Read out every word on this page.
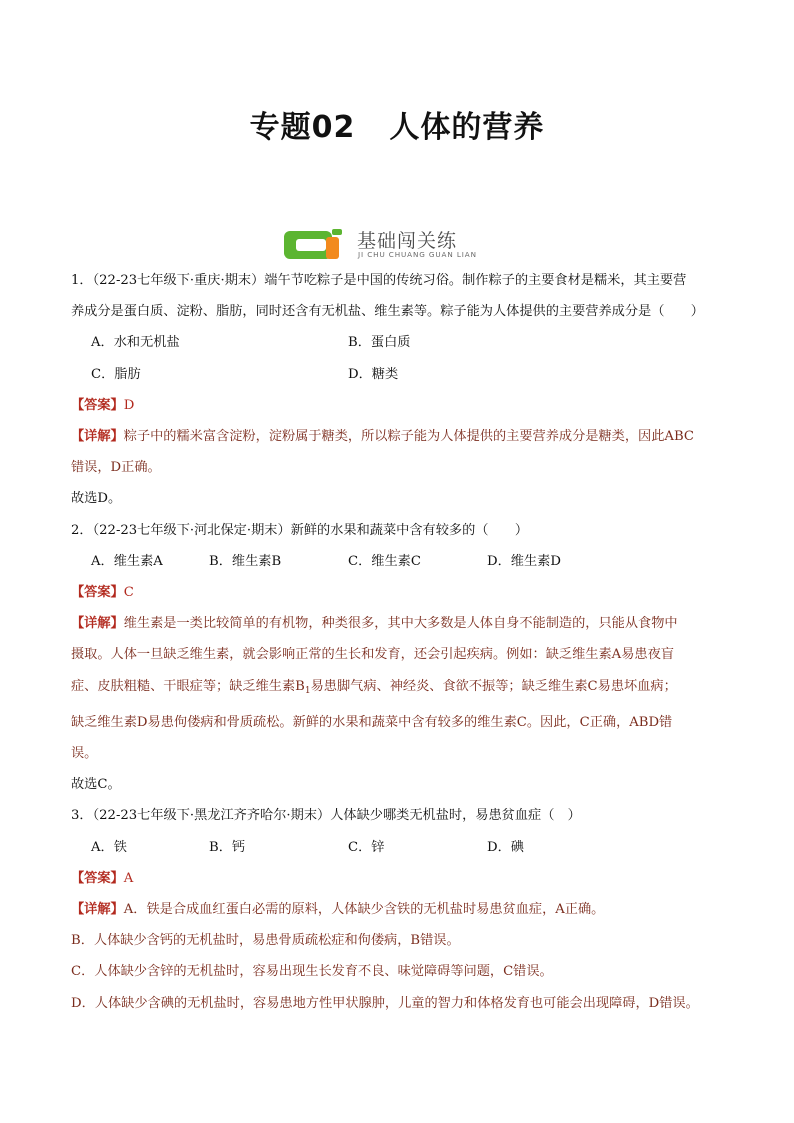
专题02 人体的营养
基础闯关练
JI CHU CHUANG GUAN LIAN

1．（22-23七年级下·重庆·期末）端午节吃粽子是中国的传统习俗。制作粽子的主要食材是糯米，其主要营

养成分是蛋白质、淀粉、脂肪，同时还含有无机盐、维生素等。粽子能为人体提供的主要营养成分是（　　）

A．水和无机盐	B．蛋白质
C．脂肪	D．糖类

【答案】D

【详解】粽子中的糯米富含淀粉，淀粉属于糖类，所以粽子能为人体提供的主要营养成分是糖类，因此ABC

错误，D正确。

故选D。

2．（22-23七年级下·河北保定·期末）新鲜的水果和蔬菜中含有较多的（　　）

A．维生素A	B．维生素B	C．维生素C	D．维生素D

【答案】C

【详解】维生素是一类比较简单的有机物，种类很多，其中大多数是人体自身不能制造的，只能从食物中

摄取。人体一旦缺乏维生素，就会影响正常的生长和发育，还会引起疾病。例如：缺乏维生素A易患夜盲

症、皮肤粗糙、干眼症等；缺乏维生素$B_1$易患脚气病、神经炎、食欲不振等；缺乏维生素C易患坏血病；

缺乏维生素D易患佝偻病和骨质疏松。新鲜的水果和蔬菜中含有较多的维生素C。因此，C正确，ABD错

误。

故选C。

3．（22-23七年级下·黑龙江齐齐哈尔·期末）人体缺少哪类无机盐时，易患贫血症（　）

A．铁	B．钙	C．锌	D．碘

【答案】A

【详解】A．铁是合成血红蛋白必需的原料，人体缺少含铁的无机盐时易患贫血症，A正确。

B．人体缺少含钙的无机盐时，易患骨质疏松症和佝偻病，B错误。

C．人体缺少含锌的无机盐时，容易出现生长发育不良、味觉障碍等问题，C错误。

D．人体缺少含碘的无机盐时，容易患地方性甲状腺肿，儿童的智力和体格发育也可能会出现障碍，D错误。
